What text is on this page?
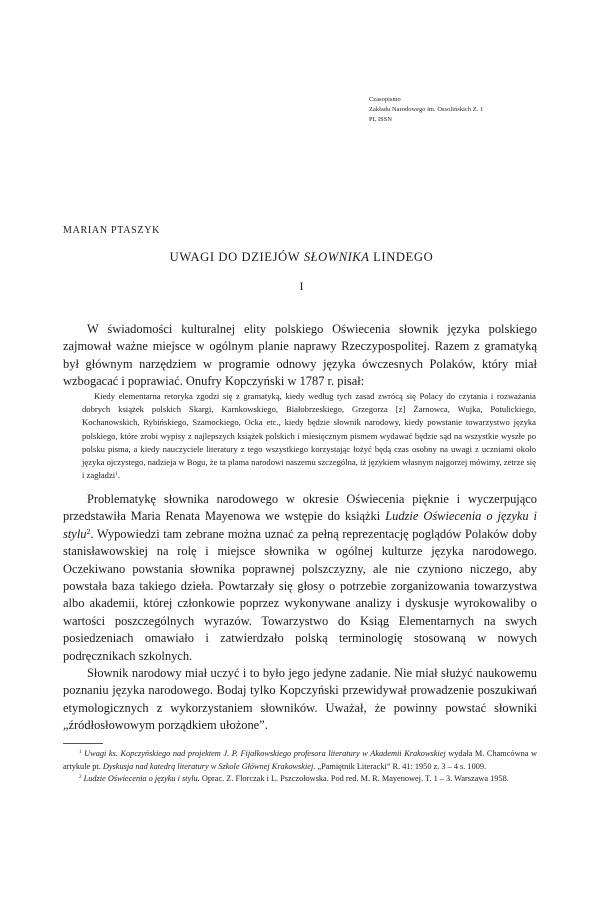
Czasopismo
Zakładu Narodowego im. Ossolińskich Z. 1
PL ISSN
MARIAN PTASZYK
UWAGI DO DZIEJÓW SŁOWNIKA LINDEGO
I

W świadomości kulturalnej elity polskiego Oświecenia słownik języka polskiego zajmował ważne miejsce w ogólnym planie naprawy Rzeczypospolitej. Razem z gramatyką był głównym narzędziem w programie odnowy języka ówczesnych Polaków, który miał wzbogacać i poprawiać. Onufry Kopczyński w 1787 r. pisał:

Kiedy elementarna retoryka zgodzi się z gramatyką, kiedy według tych zasad zwrócą się Polacy do czytania i rozważania dobrych książek polskich Skargi, Karnkowskiego, Białobrzeskiego, Grzegorza [z] Żarnowca, Wujka, Potulickiego, Kochanowskich, Rybińskiego, Szamockiego, Ocka etc., kiedy będzie słownik narodowy, kiedy powstanie towarzystwo języka polskiego, które zrobi wypisy z najlepszych książek polskich i miesięcznym pismem wydawać będzie sąd na wszystkie wyszłe po polsku pisma, a kiedy nauczyciele literatury z tego wszystkiego korzystając łożyć będą czas osobny na uwagi z uczniami około języka ojczystego, nadzieja w Bogu, że ta plama narodowi naszemu szczególna, iż językiem własnym najgorzej mówimy, zetrze się i zagładzi$^1$.

Problematykę słownika narodowego w okresie Oświecenia pięknie i wyczerpująco przedstawiła Maria Renata Mayenowa we wstępie do książki Ludzie Oświecenia o języku i stylu$^2$. Wypowiedzi tam zebrane można uznać za pełną reprezentację poglądów Polaków doby stanisławowskiej na rolę i miejsce słownika w ogólnej kulturze języka narodowego. Oczekiwano powstania słownika poprawnej polszczyzny, ale nie czyniono niczego, aby powstała baza takiego dzieła. Powtarzały się głosy o potrzebie zorganizowania towarzystwa albo akademii, której członkowie poprzez wykonywane analizy i dyskusje wyrokowaliby o wartości poszczególnych wyrazów. Towarzystwo do Ksiąg Elementarnych na swych posiedzeniach omawiało i zatwierdzało polską terminologię stosowaną w nowych podręcznikach szkolnych.

Słownik narodowy miał uczyć i to było jego jedyne zadanie. Nie miał służyć naukowemu poznaniu języka narodowego. Bodaj tylko Kopczyński przewidywał prowadzenie poszukiwań etymologicznych z wykorzystaniem słowników. Uważał, że powinny powstać słowniki „źródłosłowowym porządkiem ułożone”.

$^1$ Uwagi ks. Kopczyńskiego nad projektem J. P. Fijałkowskiego profesora literatury w Akademii Krakowskiej wydała M. Chamcówna w artykule pt. Dyskusja nad katedrą literatury w Szkole Głównej Krakowskiej. „Pamiętnik Literacki” R. 41: 1950 z. 3 – 4 s. 1009.

$^2$ Ludzie Oświecenia o języku i stylu. Oprac. Z. Florczak i L. Pszczołowska. Pod red. M. R. Mayenowej. T. 1 – 3. Warszawa 1958.
